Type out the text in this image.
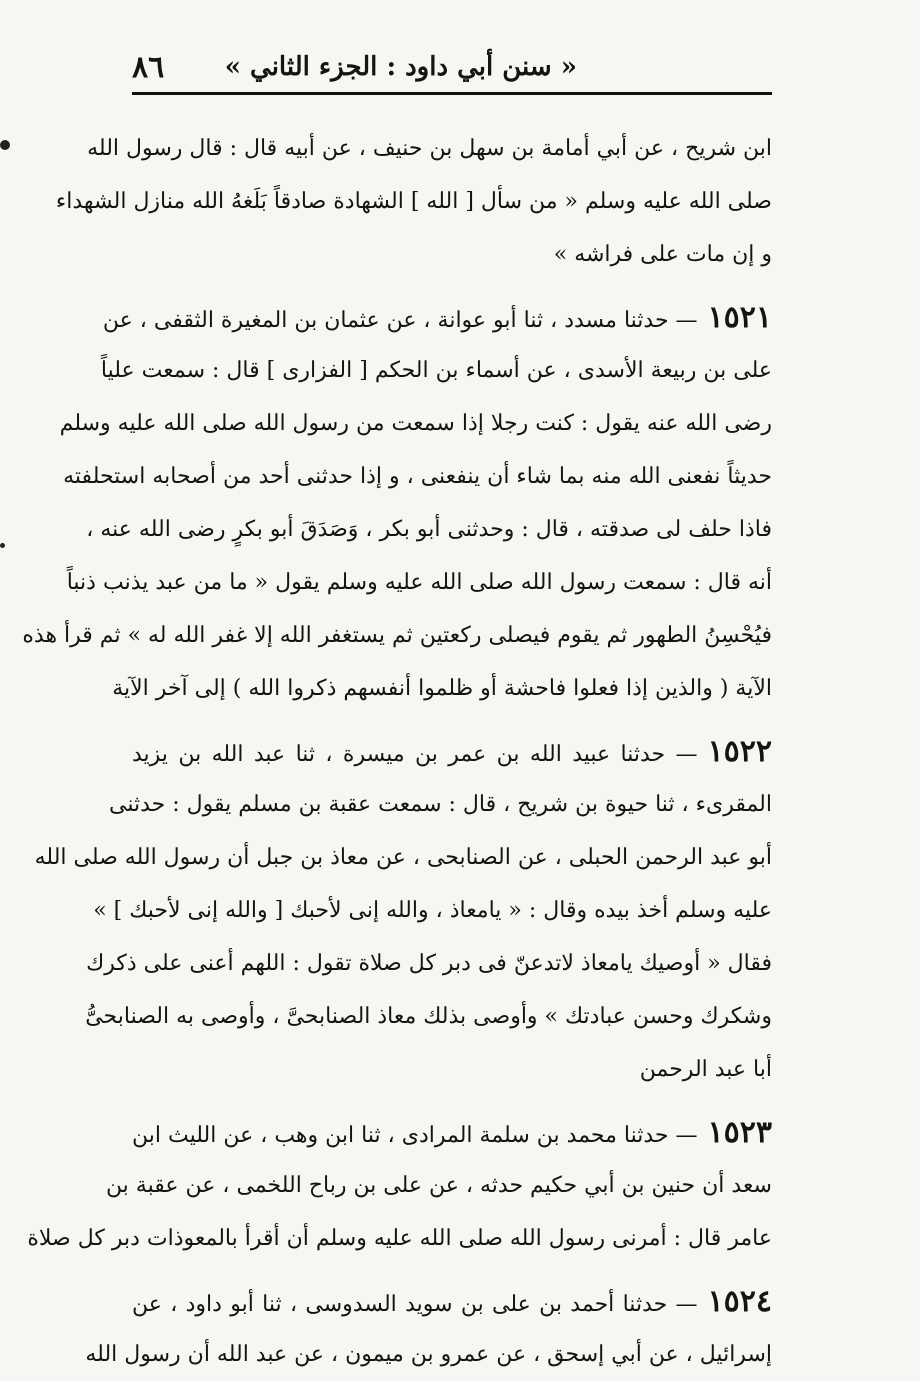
« سنن أبي داود : الجزء الثاني »
٨٦
ابن شريح ، عن أبي أمامة بن سهل بن حنيف ، عن أبيه قال : قال رسول الله
صلى الله عليه وسلم « من سأل [ الله ] الشهادة صادقاً بَلَغهُ الله منازل الشهداء
و إن مات على فراشه »
١٥٢١— حدثنا مسدد ، ثنا أبو عوانة ، عن عثمان بن المغيرة الثقفى ، عن
على بن ربيعة الأسدى ، عن أسماء بن الحكم [ الفزارى ] قال : سمعت علياً
رضى الله عنه يقول : كنت رجلا إذا سمعت من رسول الله صلى الله عليه وسلم
حديثاً نفعنى الله منه بما شاء أن ينفعنى ، و إذا حدثنى أحد من أصحابه استحلفته
فاذا حلف لى صدقته ، قال : وحدثنى أبو بكر ، وَصَدَقَ أبو بكرٍ رضى الله عنه ،
أنه قال : سمعت رسول الله صلى الله عليه وسلم يقول « ما من عبد يذنب ذنباً
فيُحْسِنُ الطهور ثم يقوم فيصلى ركعتين ثم يستغفر الله إلا غفر الله له » ثم قرأ هذه
الآية ( والذين إذا فعلوا فاحشة أو ظلموا أنفسهم ذكروا الله ) إلى آخر الآية
١٥٢٢— حدثنا عبيد الله بن عمر بن ميسرة ، ثنا عبد الله بن يزيد
المقرىء ، ثنا حيوة بن شريح ، قال : سمعت عقبة بن مسلم يقول : حدثنى
أبو عبد الرحمن الحبلى ، عن الصنابحى ، عن معاذ بن جبل أن رسول الله صلى الله
عليه وسلم أخذ بيده وقال : « يامعاذ ، والله إنى لأحبك [ والله إنى لأحبك ] »
فقال « أوصيك يامعاذ لاتدعنّ فى دبر كل صلاة تقول : اللهم أعنى على ذكرك
وشكرك وحسن عبادتك » وأوصى بذلك معاذ الصنابحىَّ ، وأوصى به الصنابحىُّ
أبا عبد الرحمن
١٥٢٣— حدثنا محمد بن سلمة المرادى ، ثنا ابن وهب ، عن الليث ابن
سعد أن حنين بن أبي حكيم حدثه ، عن على بن رباح اللخمى ، عن عقبة بن
عامر قال : أمرنى رسول الله صلى الله عليه وسلم أن أقرأ بالمعوذات دبر كل صلاة
١٥٢٤— حدثنا أحمد بن على بن سويد السدوسى ، ثنا أبو داود ، عن
إسرائيل ، عن أبي إسحق ، عن عمرو بن ميمون ، عن عبد الله أن رسول الله
